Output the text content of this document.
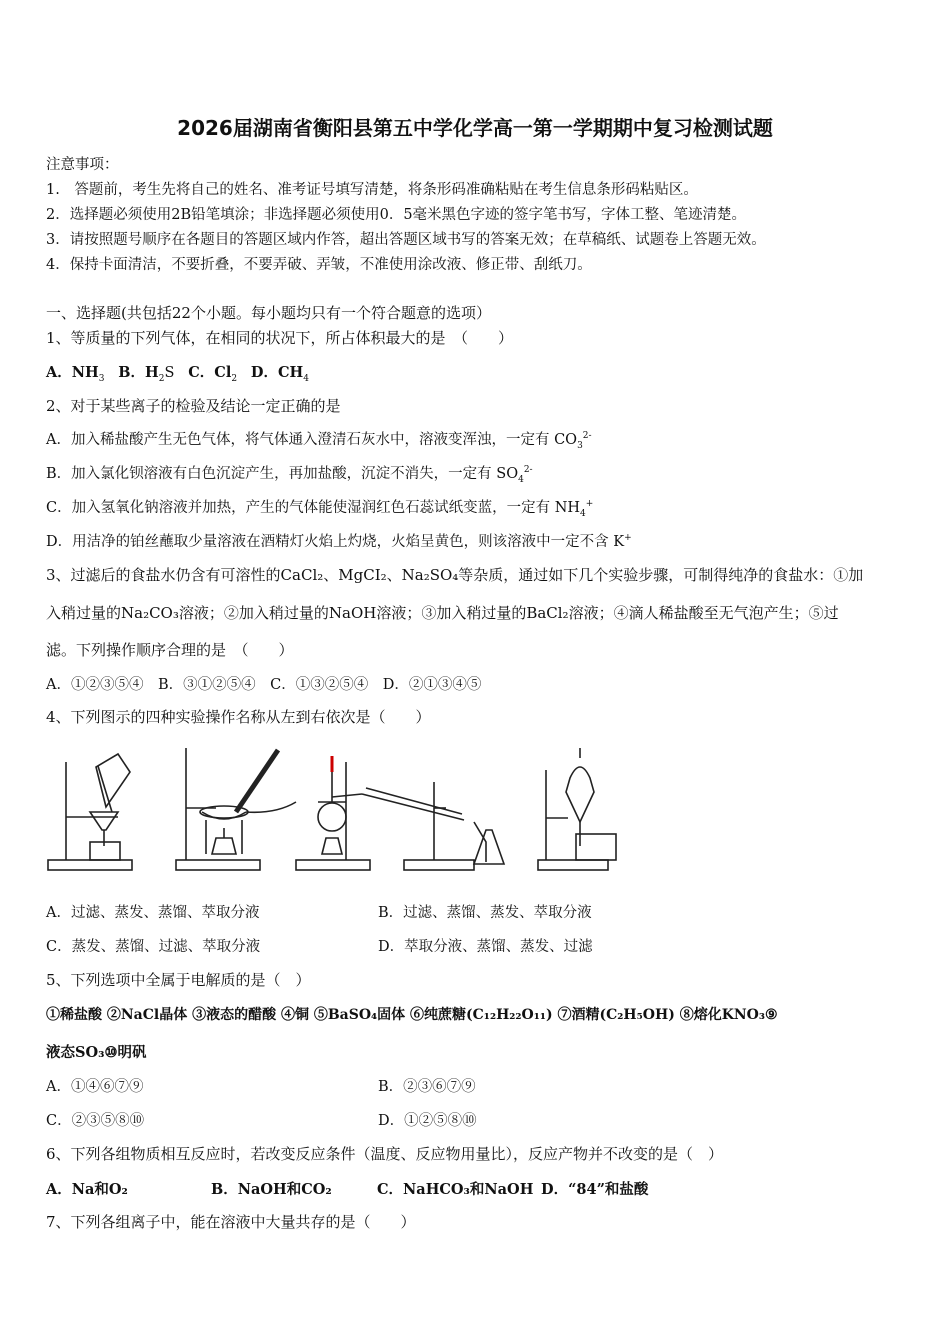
2026届湖南省衡阳县第五中学化学高一第一学期期中复习检测试题
注意事项：
1.　答题前，考生先将自己的姓名、准考证号填写清楚，将条形码准确粘贴在考生信息条形码粘贴区。
2．选择题必须使用2B铅笔填涂；非选择题必须使用0．5毫米黑色字迹的签字笔书写，字体工整、笔迹清楚。
3．请按照题号顺序在各题目的答题区域内作答，超出答题区域书写的答案无效；在草稿纸、试题卷上答题无效。
4．保持卡面清洁，不要折叠，不要弄破、弄皱，不准使用涂改液、修正带、刮纸刀。
一、选择题(共包括22个小题。每小题均只有一个符合题意的选项）
1、等质量的下列气体，在相同的状况下，所占体积最大的是　（　　）
A．$NH_3$ B．$H_2S$ C．$Cl_2$ D．$CH_4$
2、对于某些离子的检验及结论一定正确的是
A．加入稀盐酸产生无色气体，将气体通入澄清石灰水中，溶液变浑浊，一定有 $CO_3^{2-}$
B．加入氯化钡溶液有白色沉淀产生，再加盐酸，沉淀不消失，一定有 $SO_4^{2-}$
C．加入氢氧化钠溶液并加热，产生的气体能使湿润红色石蕊试纸变蓝，一定有 $NH_4^+$
D．用洁净的铂丝蘸取少量溶液在酒精灯火焰上灼烧，火焰呈黄色，则该溶液中一定不含 K+
3、过滤后的食盐水仍含有可溶性的CaCl₂、MgCI₂、Na₂SO₄等杂质，通过如下几个实验步骤，可制得纯净的食盐水：①加
入稍过量的Na₂CO₃溶液；②加入稍过量的NaOH溶液；③加入稍过量的BaCl₂溶液；④滴人稀盐酸至无气泡产生；⑤过
滤。下列操作顺序合理的是　（　　）
A．①②③⑤④　B．③①②⑤④　C．①③②⑤④　D．②①③④⑤
4、下列图示的四种实验操作名称从左到右依次是（　　）
A．过滤、蒸发、蒸馏、萃取分液	B．过滤、蒸馏、蒸发、萃取分液
C．蒸发、蒸馏、过滤、萃取分液	D．萃取分液、蒸馏、蒸发、过滤
5、下列选项中全属于电解质的是（　）
①稀盐酸 ②NaCl晶体 ③液态的醋酸 ④铜 ⑤BaSO₄固体 ⑥纯蔗糖(C₁₂H₂₂O₁₁) ⑦酒精(C₂H₅OH) ⑧熔化KNO₃⑨
液态SO₃⑩明矾
A．①④⑥⑦⑨	B．②③⑥⑦⑨
C．②③⑤⑧⑩	D．①②⑤⑧⑩
6、下列各组物质相互反应时，若改变反应条件（温度、反应物用量比），反应产物并不改变的是（　）
A．Na和O₂	B．NaOH和CO₂	C．NaHCO₃和NaOH D．“84”和盐酸
7、下列各组离子中，能在溶液中大量共存的是（　　）
